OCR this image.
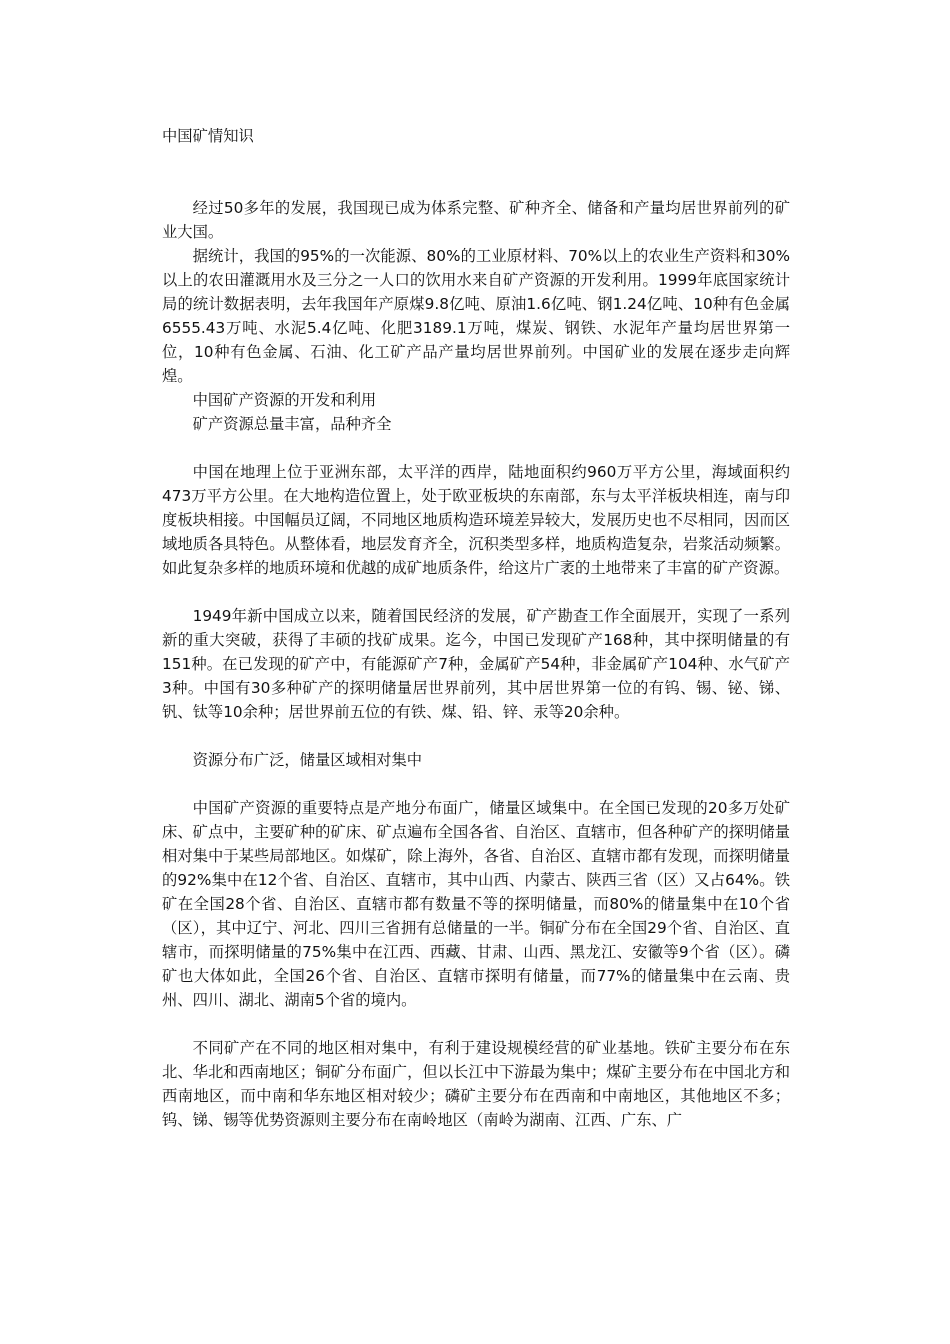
中国矿情知识

经过50多年的发展，我国现已成为体系完整、矿种齐全、储备和产量均居世界前列的矿业大国。

据统计，我国的95%的一次能源、80%的工业原材料、70%以上的农业生产资料和30%以上的农田灌溉用水及三分之一人口的饮用水来自矿产资源的开发利用。1999年底国家统计局的统计数据表明，去年我国年产原煤9.8亿吨、原油1.6亿吨、钢1.24亿吨、10种有色金属6555.43万吨、水泥5.4亿吨、化肥3189.1万吨，煤炭、钢铁、水泥年产量均居世界第一位，10种有色金属、石油、化工矿产品产量均居世界前列。中国矿业的发展在逐步走向辉煌。

中国矿产资源的开发和利用

矿产资源总量丰富，品种齐全

中国在地理上位于亚洲东部，太平洋的西岸，陆地面积约960万平方公里，海域面积约473万平方公里。在大地构造位置上，处于欧亚板块的东南部，东与太平洋板块相连，南与印度板块相接。中国幅员辽阔，不同地区地质构造环境差异较大，发展历史也不尽相同，因而区域地质各具特色。从整体看，地层发育齐全，沉积类型多样，地质构造复杂，岩浆活动频繁。如此复杂多样的地质环境和优越的成矿地质条件，给这片广袤的土地带来了丰富的矿产资源。

1949年新中国成立以来，随着国民经济的发展，矿产勘查工作全面展开，实现了一系列新的重大突破，获得了丰硕的找矿成果。迄今，中国已发现矿产168种，其中探明储量的有151种。在已发现的矿产中，有能源矿产7种，金属矿产54种，非金属矿产104种、水气矿产3种。中国有30多种矿产的探明储量居世界前列，其中居世界第一位的有钨、锡、铋、锑、钒、钛等10余种；居世界前五位的有铁、煤、铅、锌、汞等20余种。

资源分布广泛，储量区域相对集中

中国矿产资源的重要特点是产地分布面广，储量区域集中。在全国已发现的20多万处矿床、矿点中，主要矿种的矿床、矿点遍布全国各省、自治区、直辖市，但各种矿产的探明储量相对集中于某些局部地区。如煤矿，除上海外，各省、自治区、直辖市都有发现，而探明储量的92%集中在12个省、自治区、直辖市，其中山西、内蒙古、陕西三省（区）又占64%。铁矿在全国28个省、自治区、直辖市都有数量不等的探明储量，而80%的储量集中在10个省（区），其中辽宁、河北、四川三省拥有总储量的一半。铜矿分布在全国29个省、自治区、直辖市，而探明储量的75%集中在江西、西藏、甘肃、山西、黑龙江、安徽等9个省（区）。磷矿也大体如此，全国26个省、自治区、直辖市探明有储量，而77%的储量集中在云南、贵州、四川、湖北、湖南5个省的境内。

不同矿产在不同的地区相对集中，有利于建设规模经营的矿业基地。铁矿主要分布在东北、华北和西南地区；铜矿分布面广，但以长江中下游最为集中；煤矿主要分布在中国北方和西南地区，而中南和华东地区相对较少；磷矿主要分布在西南和中南地区，其他地区不多；钨、锑、锡等优势资源则主要分布在南岭地区（南岭为湖南、江西、广东、广
